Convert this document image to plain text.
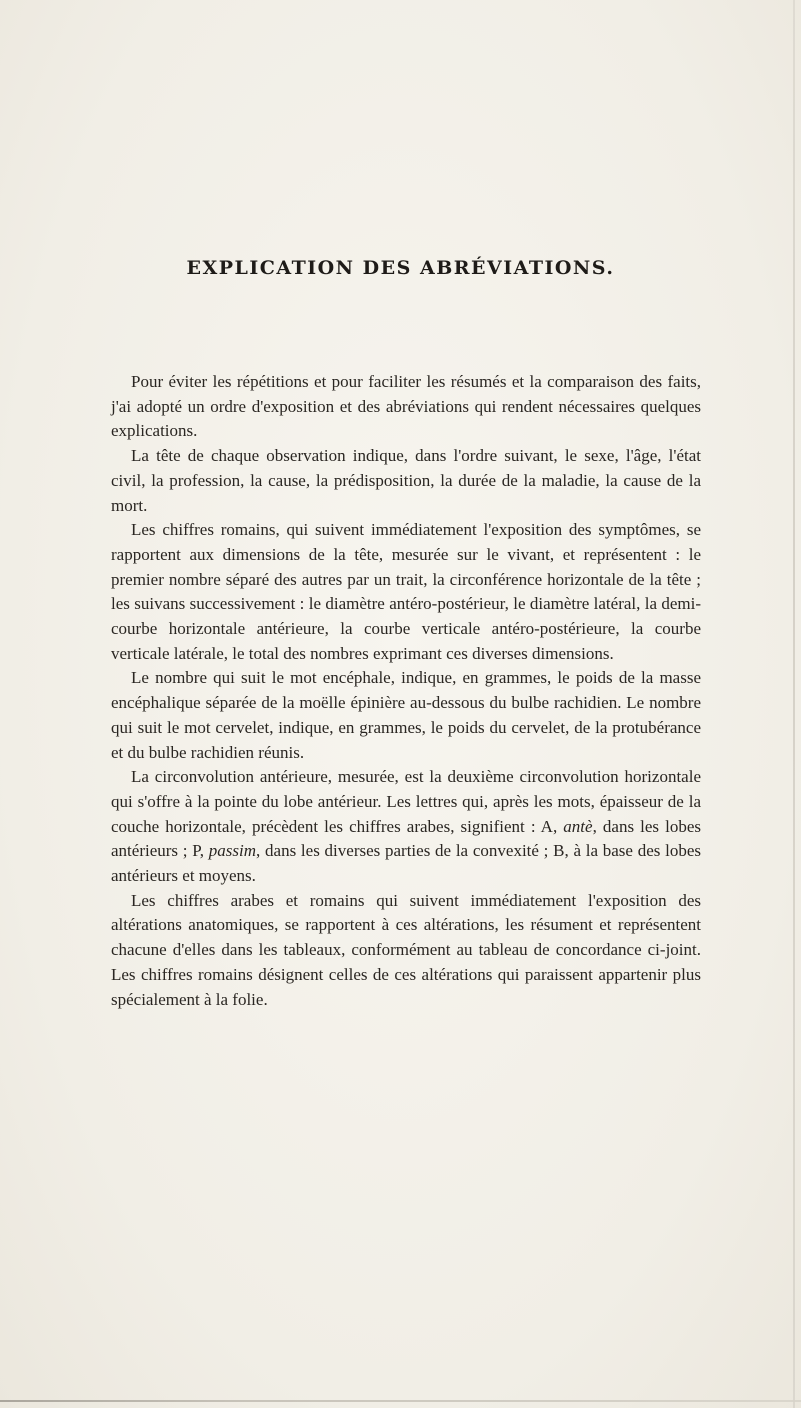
EXPLICATION DES ABRÉVIATIONS.

Pour éviter les répétitions et pour faciliter les résumés et la comparaison des faits, j'ai adopté un ordre d'exposition et des abréviations qui rendent nécessaires quelques explications.

La tête de chaque observation indique, dans l'ordre suivant, le sexe, l'âge, l'état civil, la profession, la cause, la prédisposition, la durée de la maladie, la cause de la mort.

Les chiffres romains, qui suivent immédiatement l'exposition des symptômes, se rapportent aux dimensions de la tête, mesurée sur le vivant, et représentent : le premier nombre séparé des autres par un trait, la circonférence horizontale de la tête ; les suivans successivement : le diamètre antéro-postérieur, le diamètre latéral, la demi-courbe horizontale antérieure, la courbe verticale antéro-postérieure, la courbe verticale latérale, le total des nombres exprimant ces diverses dimensions.

Le nombre qui suit le mot encéphale, indique, en grammes, le poids de la masse encéphalique séparée de la moëlle épinière au-dessous du bulbe rachidien. Le nombre qui suit le mot cervelet, indique, en grammes, le poids du cervelet, de la protubérance et du bulbe rachidien réunis.

La circonvolution antérieure, mesurée, est la deuxième circonvolution horizontale qui s'offre à la pointe du lobe antérieur. Les lettres qui, après les mots, épaisseur de la couche horizontale, précèdent les chiffres arabes, signifient : A, antè, dans les lobes antérieurs ; P, passim, dans les diverses parties de la convexité ; B, à la base des lobes antérieurs et moyens.

Les chiffres arabes et romains qui suivent immédiatement l'exposition des altérations anatomiques, se rapportent à ces altérations, les résument et représentent chacune d'elles dans les tableaux, conformément au tableau de concordance ci-joint. Les chiffres romains désignent celles de ces altérations qui paraissent appartenir plus spécialement à la folie.
